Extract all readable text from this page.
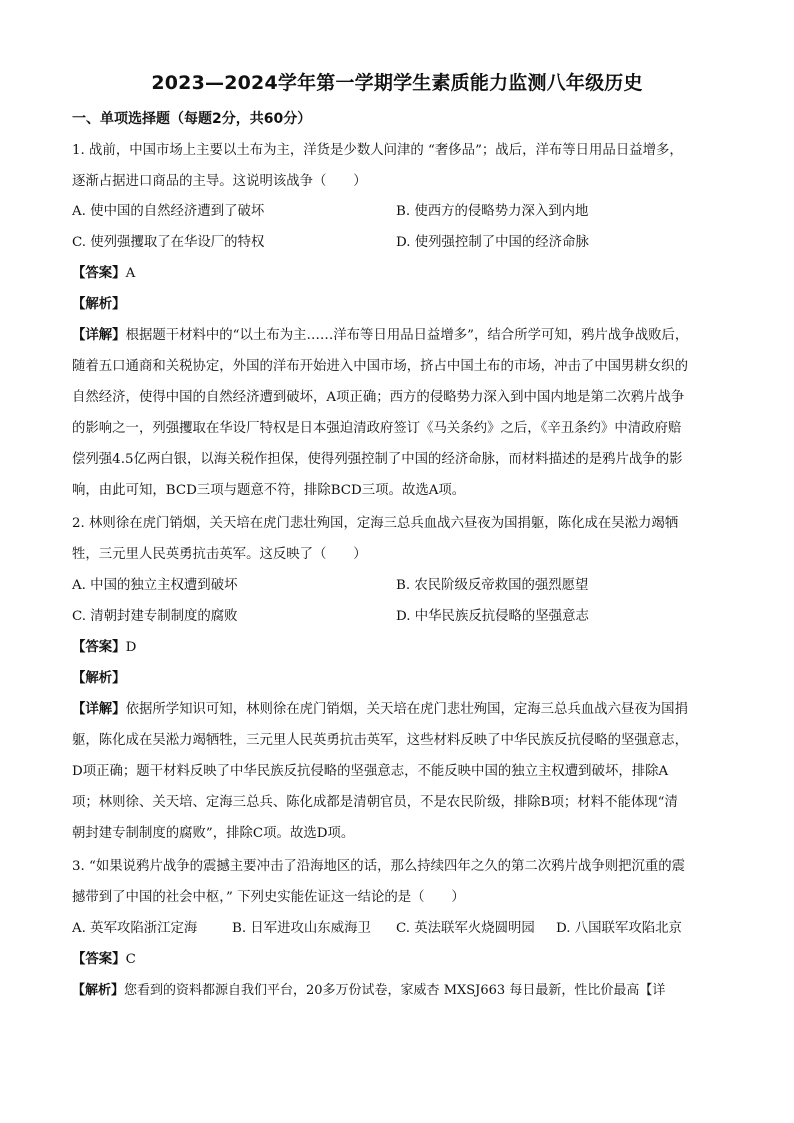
2023—2024学年第一学期学生素质能力监测八年级历史
一、单项选择题（每题2分，共60分）
1. 战前，中国市场上主要以土布为主，洋货是少数人问津的 “奢侈品”；战后，洋布等日用品日益增多，
逐渐占据进口商品的主导。这说明该战争（　　）
A. 使中国的自然经济遭到了破坏	B. 使西方的侵略势力深入到内地
C. 使列强攫取了在华设厂的特权	D. 使列强控制了中国的经济命脉
【答案】A
【解析】
【详解】根据题干材料中的“以土布为主……洋布等日用品日益增多”，结合所学可知，鸦片战争战败后，
随着五口通商和关税协定，外国的洋布开始进入中国市场，挤占中国土布的市场，冲击了中国男耕女织的
自然经济，使得中国的自然经济遭到破坏，A项正确；西方的侵略势力深入到中国内地是第二次鸦片战争
的影响之一，列强攫取在华设厂特权是日本强迫清政府签订《马关条约》之后，《辛丑条约》中清政府赔
偿列强4.5亿两白银，以海关税作担保，使得列强控制了中国的经济命脉，而材料描述的是鸦片战争的影
响，由此可知，BCD三项与题意不符，排除BCD三项。故选A项。
2. 林则徐在虎门销烟，关天培在虎门悲壮殉国，定海三总兵血战六昼夜为国捐躯，陈化成在吴淞力竭牺
牲，三元里人民英勇抗击英军。这反映了（　　）
A. 中国的独立主权遭到破坏	B. 农民阶级反帝救国的强烈愿望
C. 清朝封建专制制度的腐败	D. 中华民族反抗侵略的坚强意志
【答案】D
【解析】
【详解】依据所学知识可知，林则徐在虎门销烟，关天培在虎门悲壮殉国，定海三总兵血战六昼夜为国捐
躯，陈化成在吴淞力竭牺牲，三元里人民英勇抗击英军，这些材料反映了中华民族反抗侵略的坚强意志，
D项正确；题干材料反映了中华民族反抗侵略的坚强意志，不能反映中国的独立主权遭到破坏，排除A
项；林则徐、关天培、定海三总兵、陈化成都是清朝官员，不是农民阶级，排除B项；材料不能体现“清
朝封建专制制度的腐败”，排除C项。故选D项。
3. “如果说鸦片战争的震撼主要冲击了沿海地区的话，那么持续四年之久的第二次鸦片战争则把沉重的震
撼带到了中国的社会中枢，” 下列史实能佐证这一结论的是（　　）
A. 英军攻陷浙江定海	B. 日军进攻山东威海卫 C. 英法联军火烧圆明园 D. 八国联军攻陷北京
【答案】C
【解析】您看到的资料都源自我们平台，20多万份试卷，家威杏 MXSJ663 每日最新，性比价最高【详
